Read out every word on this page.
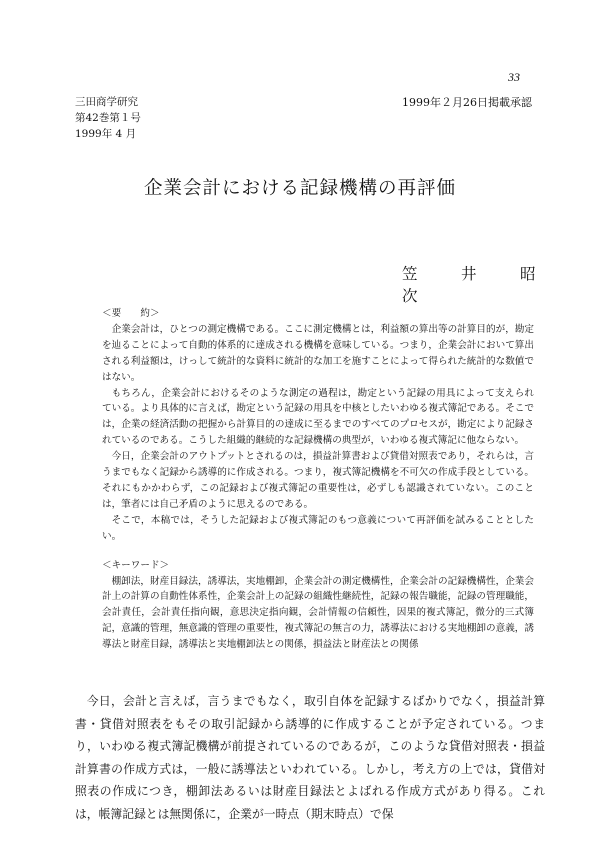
33
三田商学研究
第42巻第１号
1999年 4 月
1999年２月26日掲載承認
企業会計における記録機構の再評価
笠　井　昭　次
＜要　　約＞

企業会計は，ひとつの測定機構である。ここに測定機構とは，利益額の算出等の計算目的が，勘定を辿ることによって自動的体系的に達成される機構を意味している。つまり，企業会計において算出される利益額は，けっして統計的な資料に統計的な加工を施すことによって得られた統計的な数値ではない。

もちろん，企業会計におけるそのような測定の過程は，勘定という記録の用具によって支えられている。より具体的に言えば，勘定という記録の用具を中核としたいわゆる複式簿記である。そこでは，企業の経済活動の把握から計算目的の達成に至るまでのすべてのプロセスが，勘定により記録されているのである。こうした組織的継続的な記録機構の典型が，いわゆる複式簿記に他ならない。

今日，企業会計のアウトプットとされるのは，損益計算書および貸借対照表であり，それらは，言うまでもなく記録から誘導的に作成される。つまり，複式簿記機構を不可欠の作成手段としている。それにもかかわらず，この記録および複式簿記の重要性は，必ずしも認識されていない。このことは，筆者には自己矛盾のように思えるのである。

そこで，本稿では，そうした記録および複式簿記のもつ意義について再評価を試みることとしたい。

＜キーワード＞

棚卸法，財産目録法，誘導法，実地棚卸，企業会計の測定機構性，企業会計の記録機構性，企業会計上の計算の自動性体系性，企業会計上の記録の組織性継続性，記録の報告職能，記録の管理職能，会計責任，会計責任指向観，意思決定指向観，会計情報の信頼性，因果的複式簿記，微分的三式簿記，意識的管理，無意識的管理の重要性，複式簿記の無言の力，誘導法における実地棚卸の意義，誘導法と財産目録，誘導法と実地棚卸法との関係，損益法と財産法との関係

今日，会計と言えば，言うまでもなく，取引自体を記録するばかりでなく，損益計算書・貸借対照表をもその取引記録から誘導的に作成することが予定されている。つまり，いわゆる複式簿記機構が前提されているのであるが，このような貸借対照表・損益計算書の作成方式は，一般に誘導法といわれている。しかし，考え方の上では，貸借対照表の作成につき，棚卸法あるいは財産目録法とよばれる作成方式があり得る。これは，帳簿記録とは無関係に，企業が一時点（期末時点）で保
